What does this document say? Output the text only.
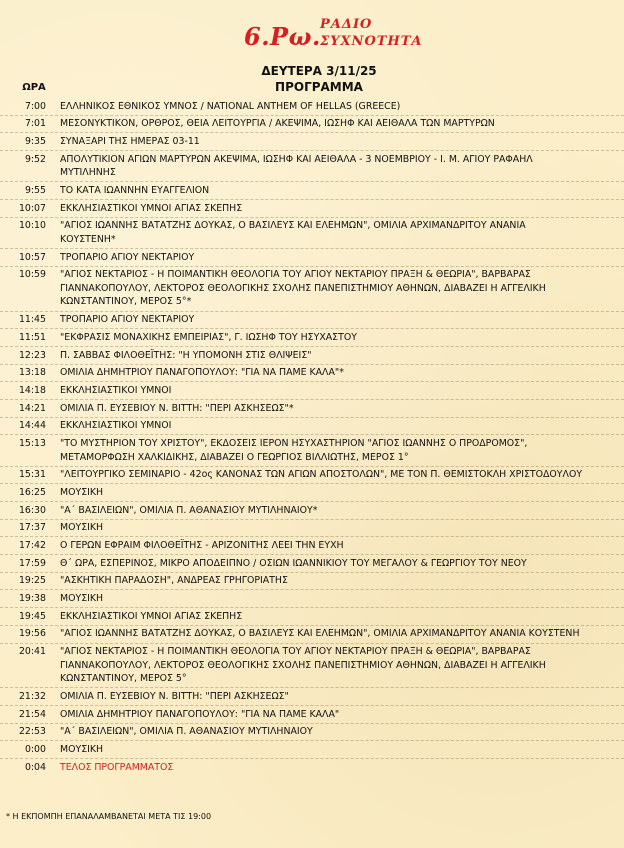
6.Ρω. ΡΑΔΙΟ
ΣΥΧΝΟΤΗΤΑ
ΔΕΥΤΕΡΑ 3/11/25
ΠΡΟΓΡΑΜΜΑ
ΩΡΑ
7:00	ΕΛΛΗΝΙΚΟΣ ΕΘΝΙΚΟΣ ΥΜΝΟΣ / NATIONAL ANTHEM OF HELLAS (GREECE)
7:01	ΜΕΣΟΝΥΚΤΙΚΟΝ, ΟΡΘΡΟΣ, ΘΕΙΑ ΛΕΙΤΟΥΡΓΙΑ / ΑΚΕΨΙΜΑ, ΙΩΣΗΦ ΚΑΙ ΑΕΙΘΑΛΑ ΤΩΝ ΜΑΡΤΥΡΩΝ
9:35	ΣΥΝΑΞΑΡΙ ΤΗΣ ΗΜΕΡΑΣ 03-11
9:52	ΑΠΟΛΥΤΙΚΙΟΝ ΑΓΙΩΝ ΜΑΡΤΥΡΩΝ ΑΚΕΨΙΜΑ, ΙΩΣΗΦ ΚΑΙ ΑΕΙΘΑΛΑ - 3 ΝΟΕΜΒΡΙΟΥ - Ι. Μ. ΑΓΙΟΥ ΡΑΦΑΗΛ ΜΥΤΙΛΗΝΗΣ
9:55	ΤΟ ΚΑΤΑ ΙΩΑΝΝΗΝ ΕΥΑΓΓΕΛΙΟΝ
10:07	ΕΚΚΛΗΣΙΑΣΤΙΚΟΙ ΥΜΝΟΙ ΑΓΙΑΣ ΣΚΕΠΗΣ
10:10	"ΑΓΙΟΣ ΙΩΑΝΝΗΣ ΒΑΤΑΤΖΗΣ ΔΟΥΚΑΣ, Ο ΒΑΣΙΛΕΥΣ ΚΑΙ ΕΛΕΗΜΩΝ", ΟΜΙΛΙΑ ΑΡΧΙΜΑΝΔΡΙΤΟΥ ΑΝΑΝΙΑ ΚΟΥΣΤΕΝΗ*
10:57	ΤΡΟΠΑΡΙΟ ΑΓΙΟΥ ΝΕΚΤΑΡΙΟΥ
10:59	"ΑΓΙΟΣ ΝΕΚΤΑΡΙΟΣ - Η ΠΟΙΜΑΝΤΙΚΗ ΘΕΟΛΟΓΙΑ ΤΟΥ ΑΓΙΟΥ ΝΕΚΤΑΡΙΟΥ ΠΡΑΞΗ & ΘΕΩΡΙΑ", ΒΑΡΒΑΡΑΣ ΓΙΑΝΝΑΚΟΠΟΥΛΟΥ, ΛΕΚΤΟΡΟΣ ΘΕΟΛΟΓΙΚΗΣ ΣΧΟΛΗΣ ΠΑΝΕΠΙΣΤΗΜΙΟΥ ΑΘΗΝΩΝ, ΔΙΑΒΑΖΕΙ Η ΑΓΓΕΛΙΚΗ ΚΩΝΣΤΑΝΤΙΝΟΥ, ΜΕΡΟΣ 5°*
11:45	ΤΡΟΠΑΡΙΟ ΑΓΙΟΥ ΝΕΚΤΑΡΙΟΥ
11:51	"ΕΚΦΡΑΣΙΣ ΜΟΝΑΧΙΚΗΣ ΕΜΠΕΙΡΙΑΣ", Γ. ΙΩΣΗΦ ΤΟΥ ΗΣΥΧΑΣΤΟΥ
12:23	Π. ΣΑΒΒΑΣ ΦΙΛΟΘΕΪΤΗΣ: "Η ΥΠΟΜΟΝΗ ΣΤΙΣ ΘΛΙΨΕΙΣ"
13:18	ΟΜΙΛΙΑ ΔΗΜΗΤΡΙΟΥ ΠΑΝΑΓΟΠΟΥΛΟΥ: "ΓΙΑ ΝΑ ΠΑΜΕ ΚΑΛΑ"*
14:18	ΕΚΚΛΗΣΙΑΣΤΙΚΟΙ ΥΜΝΟΙ
14:21	ΟΜΙΛΙΑ Π. ΕΥΣΕΒΙΟΥ Ν. ΒΙΤΤΗ: "ΠΕΡΙ ΑΣΚΗΣΕΩΣ"*
14:44	ΕΚΚΛΗΣΙΑΣΤΙΚΟΙ ΥΜΝΟΙ
15:13	"ΤΟ ΜΥΣΤΗΡΙΟΝ ΤΟΥ ΧΡΙΣΤΟΥ", ΕΚΔΟΣΕΙΣ ΙΕΡΟΝ ΗΣΥΧΑΣΤΗΡΙΟΝ "ΑΓΙΟΣ ΙΩΑΝΝΗΣ Ο ΠΡΟΔΡΟΜΟΣ", ΜΕΤΑΜΟΡΦΩΣΗ ΧΑΛΚΙΔΙΚΗΣ, ΔΙΑΒΑΖΕΙ Ο ΓΕΩΡΓΙΟΣ ΒΙΛΛΙΩΤΗΣ, ΜΕΡΟΣ 1°
15:31	"ΛΕΙΤΟΥΡΓΙΚΟ ΣΕΜΙΝΑΡΙΟ - 42ος ΚΑΝΟΝΑΣ ΤΩΝ ΑΓΙΩΝ ΑΠΟΣΤΟΛΩΝ", ΜΕ ΤΟΝ Π. ΘΕΜΙΣΤΟΚΛΗ ΧΡΙΣΤΟΔΟΥΛΟΥ
16:25	ΜΟΥΣΙΚΗ
16:30	"Α΄ ΒΑΣΙΛΕΙΩΝ", ΟΜΙΛΙΑ Π. ΑΘΑΝΑΣΙΟΥ ΜΥΤΙΛΗΝΑΙΟΥ*
17:37	ΜΟΥΣΙΚΗ
17:42	Ο ΓΕΡΩΝ ΕΦΡΑΙΜ ΦΙΛΟΘΕΪΤΗΣ - ΑΡΙΖΟΝΙΤΗΣ ΛΕΕΙ ΤΗΝ ΕΥΧΗ
17:59	Θ΄ ΩΡΑ, ΕΣΠΕΡΙΝΟΣ, ΜΙΚΡΟ ΑΠΟΔΕΙΠΝΟ / ΟΣΙΩΝ ΙΩΑΝΝΙΚΙΟΥ ΤΟΥ ΜΕΓΑΛΟΥ & ΓΕΩΡΓΙΟΥ ΤΟΥ ΝΕΟΥ
19:25	"ΑΣΚΗΤΙΚΗ ΠΑΡΑΔΟΣΗ", ΑΝΔΡΕΑΣ ΓΡΗΓΟΡΙΑΤΗΣ
19:38	ΜΟΥΣΙΚΗ
19:45	ΕΚΚΛΗΣΙΑΣΤΙΚΟΙ ΥΜΝΟΙ ΑΓΙΑΣ ΣΚΕΠΗΣ
19:56	"ΑΓΙΟΣ ΙΩΑΝΝΗΣ ΒΑΤΑΤΖΗΣ ΔΟΥΚΑΣ, Ο ΒΑΣΙΛΕΥΣ ΚΑΙ ΕΛΕΗΜΩΝ", ΟΜΙΛΙΑ ΑΡΧΙΜΑΝΔΡΙΤΟΥ ΑΝΑΝΙΑ ΚΟΥΣΤΕΝΗ
20:41	"ΑΓΙΟΣ ΝΕΚΤΑΡΙΟΣ - Η ΠΟΙΜΑΝΤΙΚΗ ΘΕΟΛΟΓΙΑ ΤΟΥ ΑΓΙΟΥ ΝΕΚΤΑΡΙΟΥ ΠΡΑΞΗ & ΘΕΩΡΙΑ", ΒΑΡΒΑΡΑΣ ΓΙΑΝΝΑΚΟΠΟΥΛΟΥ, ΛΕΚΤΟΡΟΣ ΘΕΟΛΟΓΙΚΗΣ ΣΧΟΛΗΣ ΠΑΝΕΠΙΣΤΗΜΙΟΥ ΑΘΗΝΩΝ, ΔΙΑΒΑΖΕΙ Η ΑΓΓΕΛΙΚΗ ΚΩΝΣΤΑΝΤΙΝΟΥ, ΜΕΡΟΣ 5°
21:32	ΟΜΙΛΙΑ Π. ΕΥΣΕΒΙΟΥ Ν. ΒΙΤΤΗ: "ΠΕΡΙ ΑΣΚΗΣΕΩΣ"
21:54	ΟΜΙΛΙΑ ΔΗΜΗΤΡΙΟΥ ΠΑΝΑΓΟΠΟΥΛΟΥ: "ΓΙΑ ΝΑ ΠΑΜΕ ΚΑΛΑ"
22:53	"Α΄ ΒΑΣΙΛΕΙΩΝ", ΟΜΙΛΙΑ Π. ΑΘΑΝΑΣΙΟΥ ΜΥΤΙΛΗΝΑΙΟΥ
0:00	ΜΟΥΣΙΚΗ
0:04	ΤΕΛΟΣ ΠΡΟΓΡΑΜΜΑΤΟΣ
* Η ΕΚΠΟΜΠΗ ΕΠΑΝΑΛΑΜΒΑΝΕΤΑΙ ΜΕΤΑ ΤΙΣ 19:00
